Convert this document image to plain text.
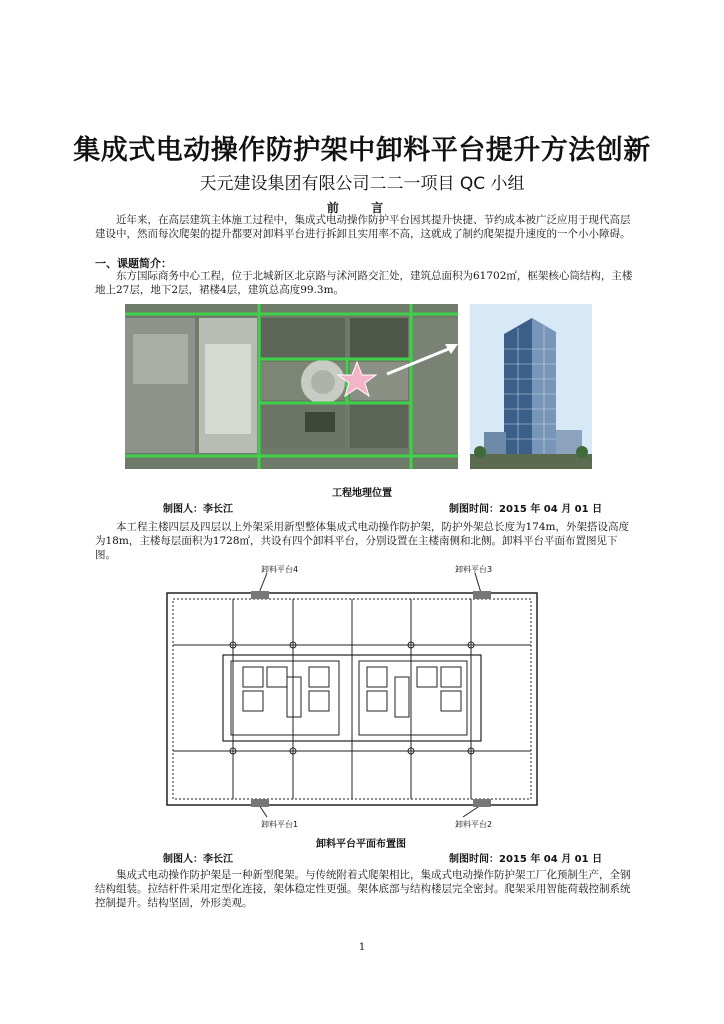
集成式电动操作防护架中卸料平台提升方法创新
天元建设集团有限公司二二一项目 QC 小组
前 言
近年来，在高层建筑主体施工过程中，集成式电动操作防护平台因其提升快捷、节约成本被广泛应用于现代高层建设中，然而每次爬架的提升都要对卸料平台进行拆卸且实用率不高，这就成了制约爬架提升速度的一个小小障碍。
一、课题简介：
东方国际商务中心工程，位于北城新区北京路与沭河路交汇处，建筑总面积为61702㎡，框架核心筒结构，主楼地上27层，地下2层，裙楼4层，建筑总高度99.3m。
工程地理位置
制图人：李长江	制图时间：2015 年 04 月 01 日
本工程主楼四层及四层以上外架采用新型整体集成式电动操作防护架，防护外架总长度为174m，外架搭设高度为18m，主楼每层面积为1728㎡，共设有四个卸料平台，分别设置在主楼南侧和北侧。卸料平台平面布置图见下图。
卸料平台4	卸料平台3
卸料平台1	卸料平台2
卸料平台平面布置图
制图人：李长江	制图时间：2015 年 04 月 01 日
集成式电动操作防护架是一种新型爬架。与传统附着式爬架相比，集成式电动操作防护架工厂化预制生产，全钢结构组装。拉结杆件采用定型化连接，架体稳定性更强。架体底部与结构楼层完全密封。爬架采用智能荷载控制系统控制提升。结构坚固，外形美观。
1
